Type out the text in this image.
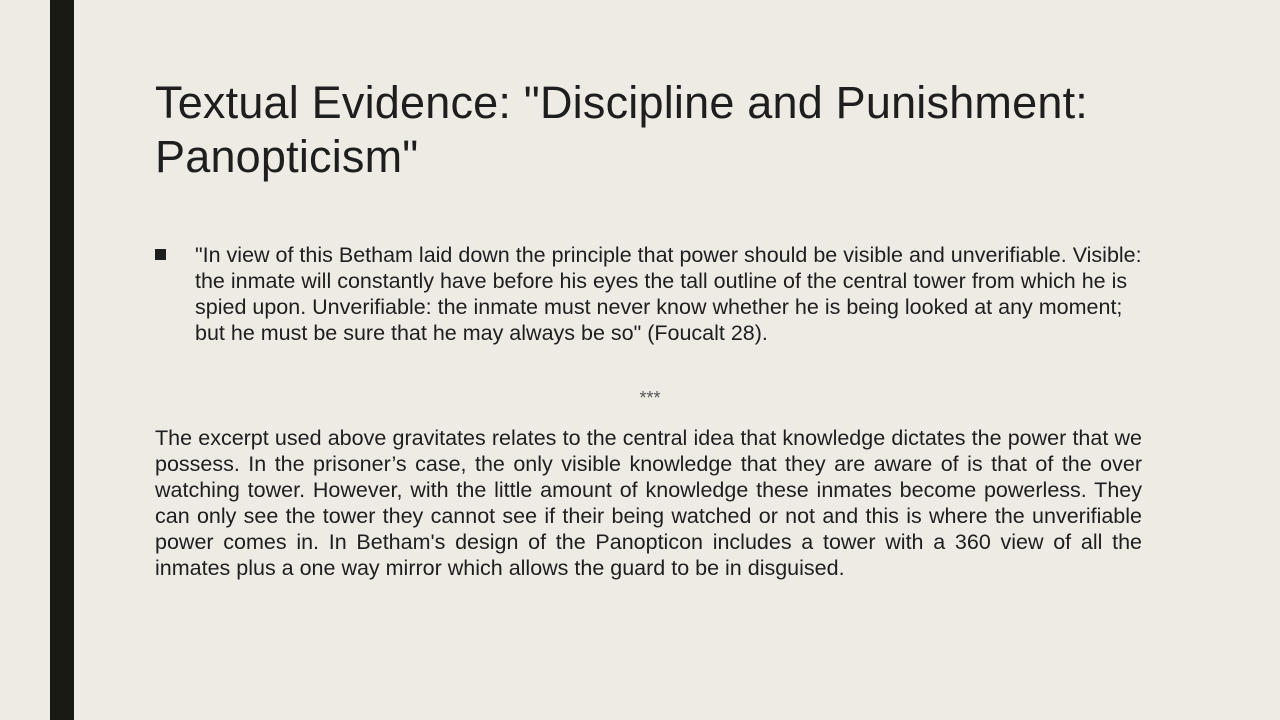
Textual Evidence: "Discipline and Punishment: Panopticism"
"In view of this Betham laid down the principle that power should be visible and unverifiable. Visible: the inmate will constantly have before his eyes the tall outline of the central tower from which he is spied upon. Unverifiable: the inmate must never know whether he is being looked at any moment; but he must be sure that he may always be so" (Foucalt 28).
***

The excerpt used above gravitates relates to the central idea that knowledge dictates the power that we possess. In the prisoner’s case, the only visible knowledge that they are aware of is that of the over watching tower. However, with the little amount of knowledge these inmates become powerless. They can only see the tower they cannot see if their being watched or not and this is where the unverifiable power comes in. In Betham's design of the Panopticon includes a tower with a 360 view of all the inmates plus a one way mirror which allows the guard to be in disguised.
